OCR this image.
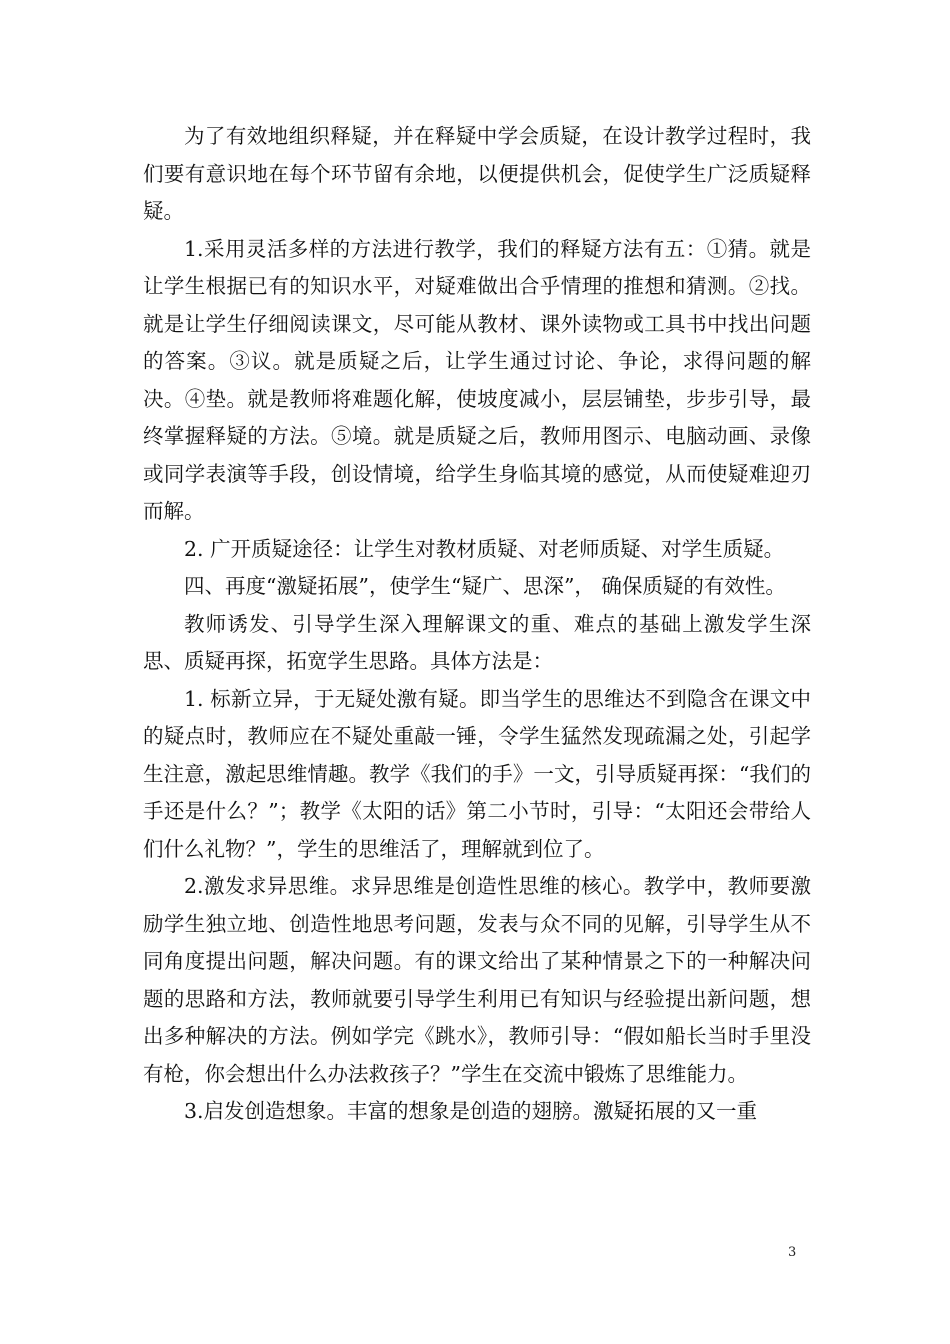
为了有效地组织释疑，并在释疑中学会质疑，在设计教学过程时，我们要有意识地在每个环节留有余地，以便提供机会，促使学生广泛质疑释疑。

1.采用灵活多样的方法进行教学，我们的释疑方法有五：①猜。就是让学生根据已有的知识水平，对疑难做出合乎情理的推想和猜测。②找。就是让学生仔细阅读课文，尽可能从教材、课外读物或工具书中找出问题的答案。③议。就是质疑之后，让学生通过讨论、争论，求得问题的解决。④垫。就是教师将难题化解，使坡度减小，层层铺垫，步步引导，最终掌握释疑的方法。⑤境。就是质疑之后，教师用图示、电脑动画、录像或同学表演等手段，创设情境，给学生身临其境的感觉，从而使疑难迎刃而解。

2. 广开质疑途径：让学生对教材质疑、对老师质疑、对学生质疑。

四、再度“激疑拓展”，使学生“疑广、思深”， 确保质疑的有效性。

教师诱发、引导学生深入理解课文的重、难点的基础上激发学生深思、质疑再探，拓宽学生思路。具体方法是：

1. 标新立异，于无疑处激有疑。即当学生的思维达不到隐含在课文中的疑点时，教师应在不疑处重敲一锤，令学生猛然发现疏漏之处，引起学生注意，激起思维情趣。教学《我们的手》一文，引导质疑再探：“我们的手还是什么？”；教学《太阳的话》第二小节时，引导：“太阳还会带给人们什么礼物？”，学生的思维活了，理解就到位了。

2.激发求异思维。求异思维是创造性思维的核心。教学中，教师要激励学生独立地、创造性地思考问题，发表与众不同的见解，引导学生从不同角度提出问题，解决问题。有的课文给出了某种情景之下的一种解决问题的思路和方法，教师就要引导学生利用已有知识与经验提出新问题，想出多种解决的方法。例如学完《跳水》，教师引导：“假如船长当时手里没有枪，你会想出什么办法救孩子？”学生在交流中锻炼了思维能力。

3.启发创造想象。丰富的想象是创造的翅膀。激疑拓展的又一重

3
